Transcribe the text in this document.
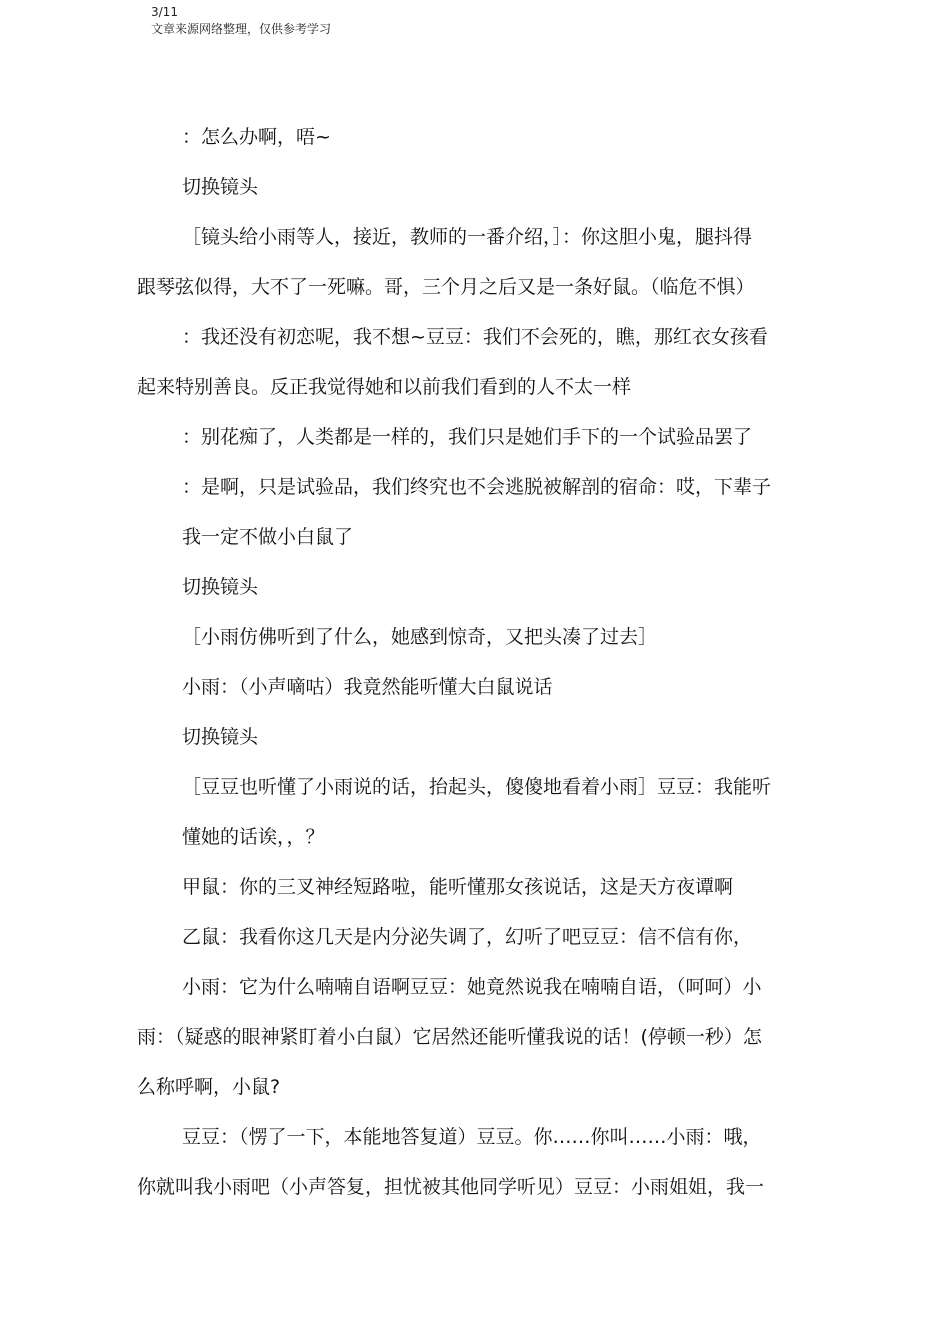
3/11
文章来源网络整理，仅供参考学习
：怎么办啊，唔~
切换镜头
［镜头给小雨等人，接近，教师的一番介绍，］：你这胆小鬼，腿抖得
跟琴弦似得，大不了一死嘛。哥，三个月之后又是一条好鼠。（临危不惧）
：我还没有初恋呢，我不想~豆豆：我们不会死的，瞧，那红衣女孩看
起来特别善良。反正我觉得她和以前我们看到的人不太一样
：别花痴了，人类都是一样的，我们只是她们手下的一个试验品罢了
：是啊，只是试验品，我们终究也不会逃脱被解剖的宿命：哎，下辈子
我一定不做小白鼠了
切换镜头
［小雨仿佛听到了什么，她感到惊奇，又把头凑了过去］
小雨：（小声嘀咕）我竟然能听懂大白鼠说话
切换镜头
［豆豆也听懂了小雨说的话，抬起头，傻傻地看着小雨］豆豆：我能听
懂她的话诶，，？
甲鼠：你的三叉神经短路啦，能听懂那女孩说话，这是天方夜谭啊
乙鼠：我看你这几天是内分泌失调了，幻听了吧豆豆：信不信有你，
小雨：它为什么喃喃自语啊豆豆：她竟然说我在喃喃自语，（呵呵）小
雨：（疑惑的眼神紧盯着小白鼠）它居然还能听懂我说的话！(停顿一秒）怎
么称呼啊，小鼠?
豆豆：（愣了一下，本能地答复道）豆豆。你……你叫……小雨：哦，
你就叫我小雨吧（小声答复，担忧被其他同学听见）豆豆：小雨姐姐，我一
